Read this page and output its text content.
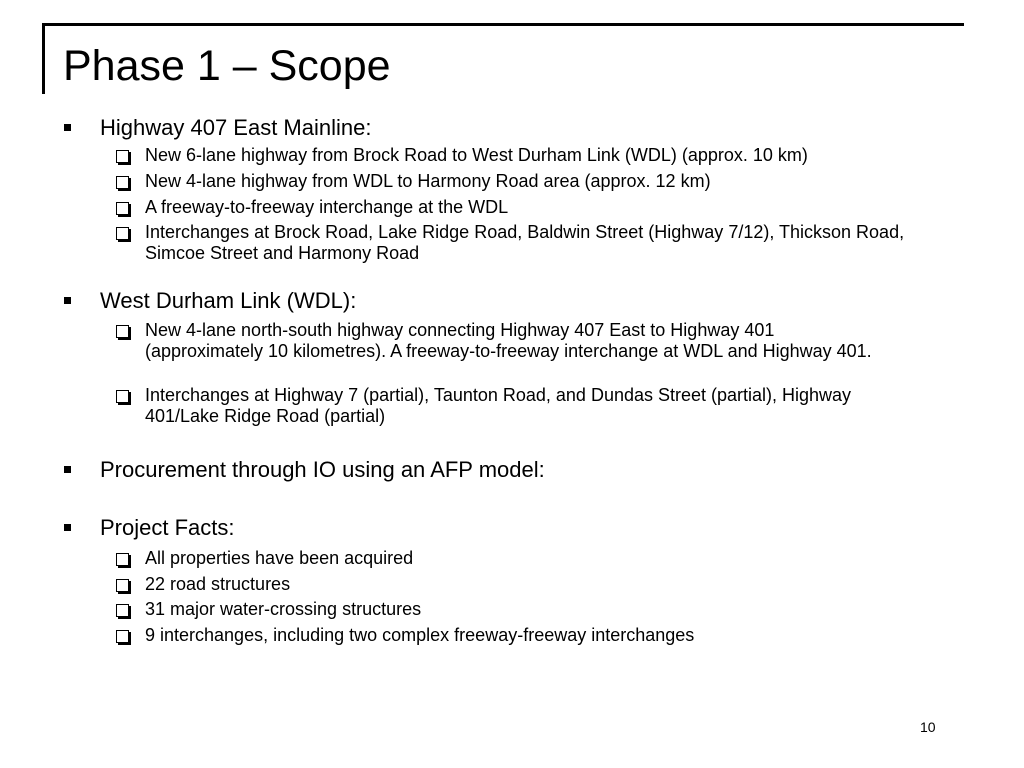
Phase 1 – Scope
Highway 407 East Mainline:
New 6-lane highway from Brock Road to West Durham Link (WDL) (approx. 10 km)
New 4-lane highway from WDL to Harmony Road area (approx. 12 km)
A freeway-to-freeway interchange at the WDL
Interchanges at Brock Road, Lake Ridge Road, Baldwin Street (Highway 7/12), Thickson Road, Simcoe Street and Harmony Road
West Durham Link (WDL):
New 4-lane north-south highway connecting Highway 407 East to Highway 401 (approximately 10 kilometres). A freeway-to-freeway interchange at WDL and Highway 401.
Interchanges at Highway 7 (partial), Taunton Road, and Dundas Street (partial), Highway 401/Lake Ridge Road (partial)
Procurement through IO using an AFP model:
Project Facts:
All properties have been acquired
22 road structures
31 major water-crossing structures
9 interchanges, including two complex freeway-freeway interchanges
10
